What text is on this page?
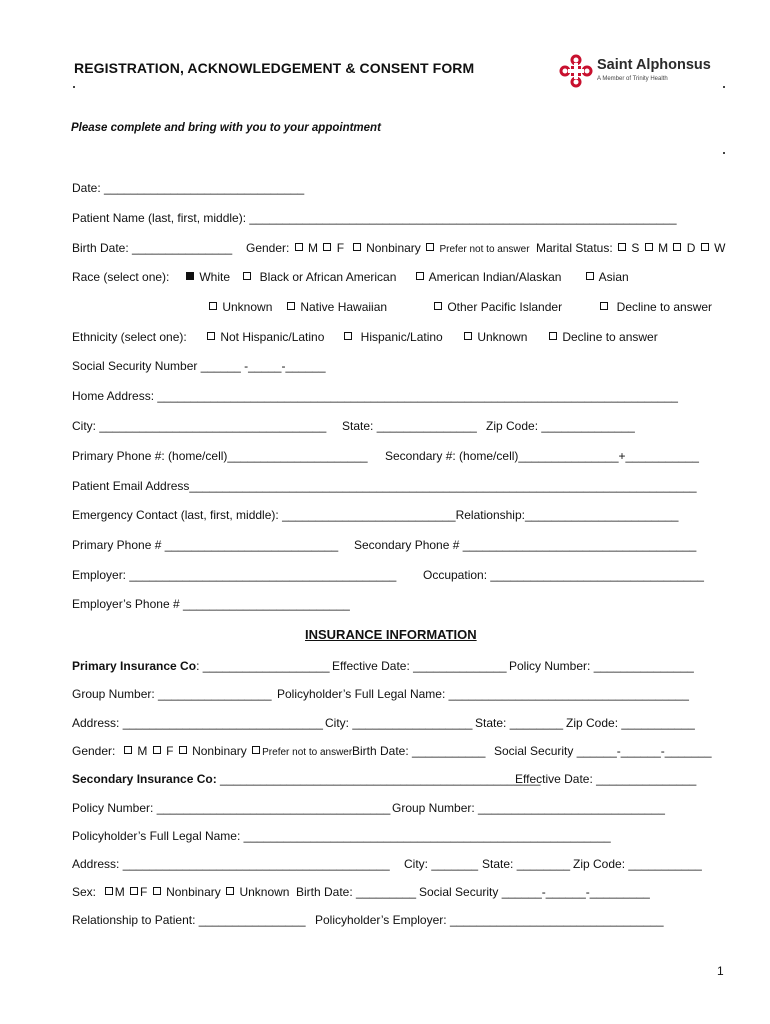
REGISTRATION, ACKNOWLEDGEMENT & CONSENT FORM	Saint Alphonsus
A Member of Trinity Health
Please complete and bring with you to your appointment
Date: ______________________________
Patient Name (last, first, middle): ________________________________________________________________
Birth Date: _______________ Gender: M F Nonbinary Prefer not to answer Marital Status: S M D W
Race (select one):	White	Black or African American	American Indian/Alaskan	Asian
Unknown	Native Hawaiian	Other Pacific Islander	Decline to answer
Ethnicity (select one):	Not Hispanic/Latino	Hispanic/Latino	Unknown	Decline to answer
Social Security Number ______ -_____-______
Home Address: ______________________________________________________________________________
City: __________________________________ State: _______________ Zip Code: ______________
Primary Phone #: (home/cell)_____________________ Secondary #: (home/cell)_______________+___________
Patient Email Address____________________________________________________________________________
Emergency Contact (last, first, middle): __________________________Relationship:_______________________
Primary Phone # __________________________ Secondary Phone # ___________________________________
Employer: ________________________________________ Occupation: ________________________________
Employer’s Phone # _________________________
INSURANCE INFORMATION
Primary Insurance Co: ___________________ Effective Date: ______________ Policy Number: _______________
Group Number: _________________ Policyholder’s Full Legal Name: ____________________________________
Address: ______________________________ City: __________________ State: ________ Zip Code: ___________
Gender: M F Nonbinary Prefer not to answer Birth Date: ___________ Social Security ______-______-_______
Secondary Insurance Co: ________________________________________________
Effective Date: _______________
Policy Number: ___________________________________ Group Number: ____________________________
Policyholder’s Full Legal Name: _______________________________________________________
Address: ________________________________________ City: _______ State: ________ Zip Code: ___________
Sex: M F Nonbinary Unknown Birth Date: _________ Social Security ______-______-_________
Relationship to Patient: ________________ Policyholder’s Employer: ________________________________
1
